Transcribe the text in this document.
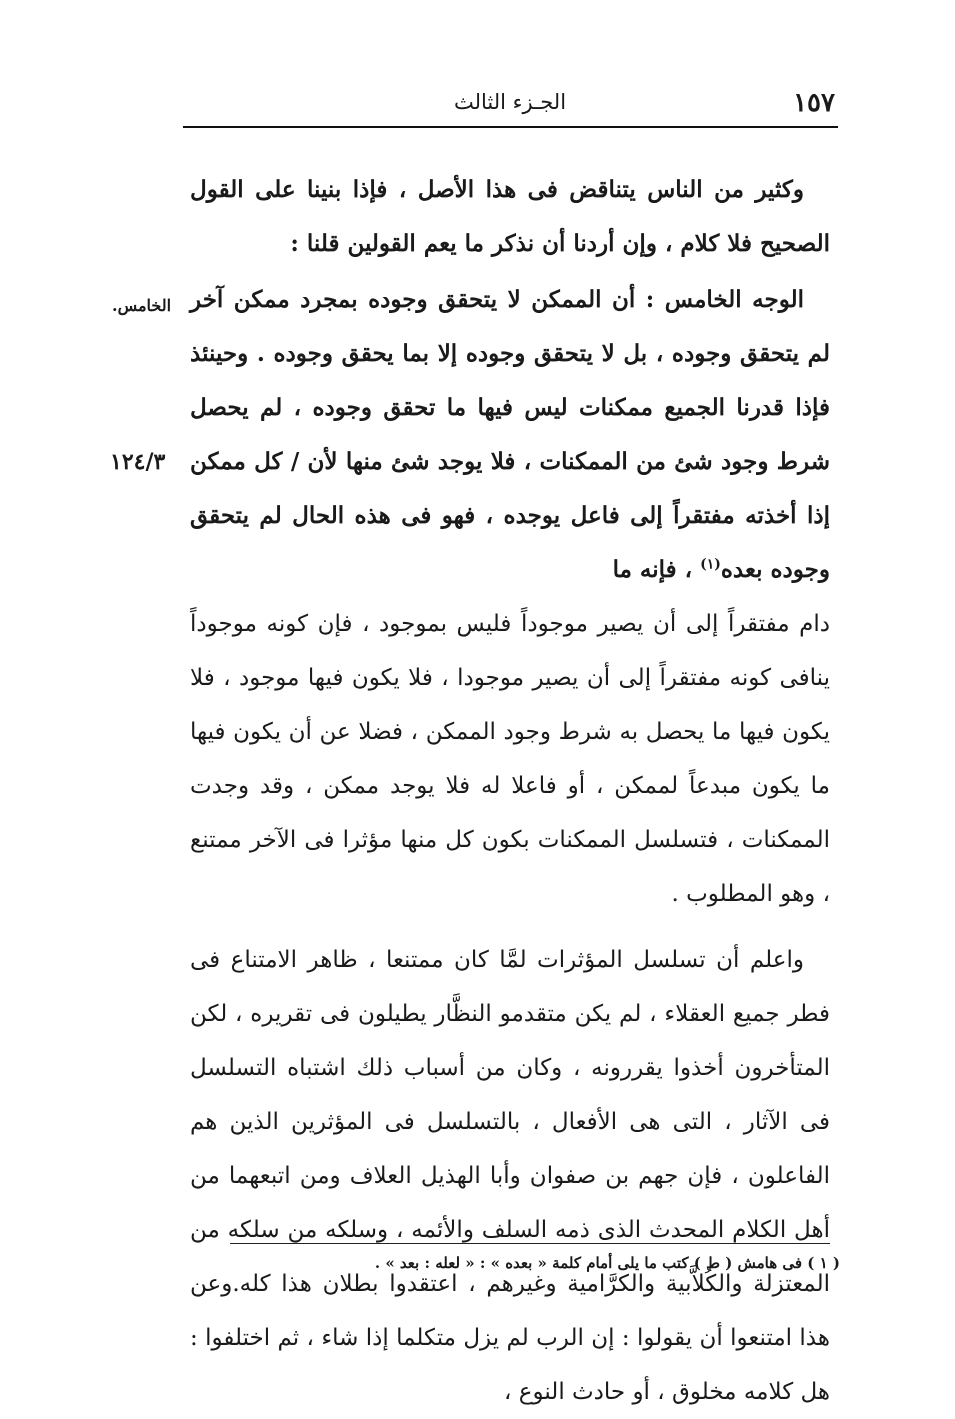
١٥٧
الجـزء الثالث
الخامس.
١٢٤/٣

وكثير من الناس يتناقض فى هذا الأصل ، فإذا بنينا على القول الصحيح فلا كلام ، وإن أردنا أن نذكر ما يعم القولين قلنا :

الوجه الخامس : أن الممكن لا يتحقق وجوده بمجرد ممكن آخر لم يتحقق وجوده ، بل لا يتحقق وجوده إلا بما يحقق وجوده . وحينئذ فإذا قدرنا الجميع ممكنات ليس فيها ما تحقق وجوده ، لم يحصل شرط وجود شئ من الممكنات ، فلا يوجد شئ منها لأن / كل ممكن إذا أخذته مفتقراً إلى فاعل يوجده ، فهو فى هذه الحال لم يتحقق وجوده بعده$^{(١)}$ ، فإنه ما

دام مفتقراً إلى أن يصير موجوداً فليس بموجود ، فإن كونه موجوداً ينافى كونه مفتقراً إلى أن يصير موجودا ، فلا يكون فيها موجود ، فلا يكون فيها ما يحصل به شرط وجود الممكن ، فضلا عن أن يكون فيها ما يكون مبدعاً لممكن ، أو فاعلا له فلا يوجد ممكن ، وقد وجدت الممكنات ، فتسلسل الممكنات بكون كل منها مؤثرا فى الآخر ممتنع ، وهو المطلوب .

واعلم أن تسلسل المؤثرات لمَّا كان ممتنعا ، ظاهر الامتناع فى فطر جميع العقلاء ، لم يكن متقدمو النظَّار يطيلون فى تقريره ، لكن المتأخرون أخذوا يقررونه ، وكان من أسباب ذلك اشتباه التسلسل فى الآثار ، التى هى الأفعال ، بالتسلسل فى المؤثرين الذين هم الفاعلون ، فإن جهم بن صفوان وأبا الهذيل العلاف ومن اتبعهما من أهل الكلام المحدث الذى ذمه السلف والأئمه ، وسلكه من سلكه من المعتزلة والكُلاَّبية والكرَّامية وغيرهم ، اعتقدوا بطلان هذا كله.وعن هذا امتنعوا أن يقولوا : إن الرب لم يزل متكلما إذا شاء ، ثم اختلفوا : هل كلامه مخلوق ، أو حادث النوع ،

( ١ ) فى هامش ( ط ) كتب ما يلى أمام كلمة « بعده » : « لعله : بعد » .
